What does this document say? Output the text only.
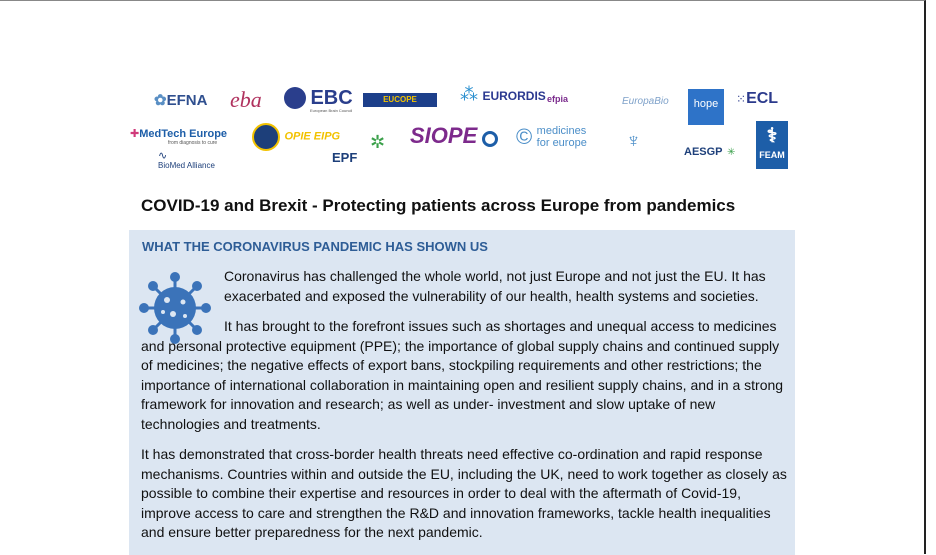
✿EFNA eba	EBC
European Brain Council
EUCOPE	⁂ EURORDIS efpia	EuropaBio	hope	⁙ECL
✚MedTech Europe
from diagnosis to cure
∿
BioMed Alliance
OPIE EIPG
EPF
✲ SIOPE	© medicines for europe	♆	AESGP ✳
⚕
FEAM
COVID-19 and Brexit - Protecting patients across Europe from pandemics
WHAT THE CORONAVIRUS PANDEMIC HAS SHOWN US
Coronavirus has challenged the whole world, not just Europe and not just the EU. It has exacerbated and exposed the vulnerability of our health, health systems and societies.
It has brought to the forefront issues such as shortages and unequal access to medicines and personal protective equipment (PPE); the importance of global supply chains and continued supply of medicines; the negative effects of export bans, stockpiling requirements and other restrictions; the importance of international collaboration in maintaining open and resilient supply chains, and in a strong framework for innovation and research; as well as under- investment and slow uptake of new technologies and treatments.
It has demonstrated that cross-border health threats need effective co-ordination and rapid response mechanisms. Countries within and outside the EU, including the UK, need to work together as closely as possible to combine their expertise and resources in order to deal with the aftermath of Covid-19, improve access to care and strengthen the R&D and innovation frameworks, tackle health inequalities and ensure better preparedness for the next pandemic.
